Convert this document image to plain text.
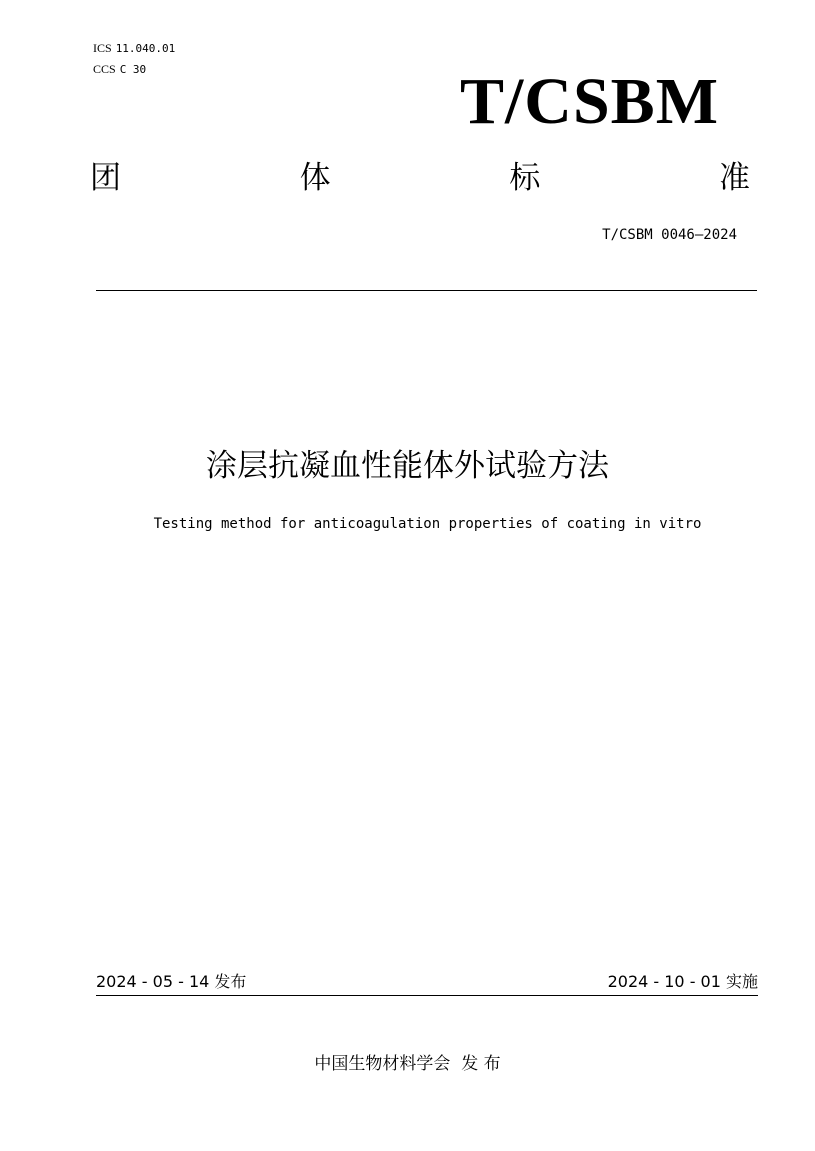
ICS 11.040.01
CCS C 30	T/CSBM
团	体	标	准
T/CSBM 0046—2024
涂层抗凝血性能体外试验方法
Testing method for anticoagulation properties of coating in vitro
2024 - 05 - 14 发布	2024 - 10 - 01 实施
中国生物材料学会  发 布
